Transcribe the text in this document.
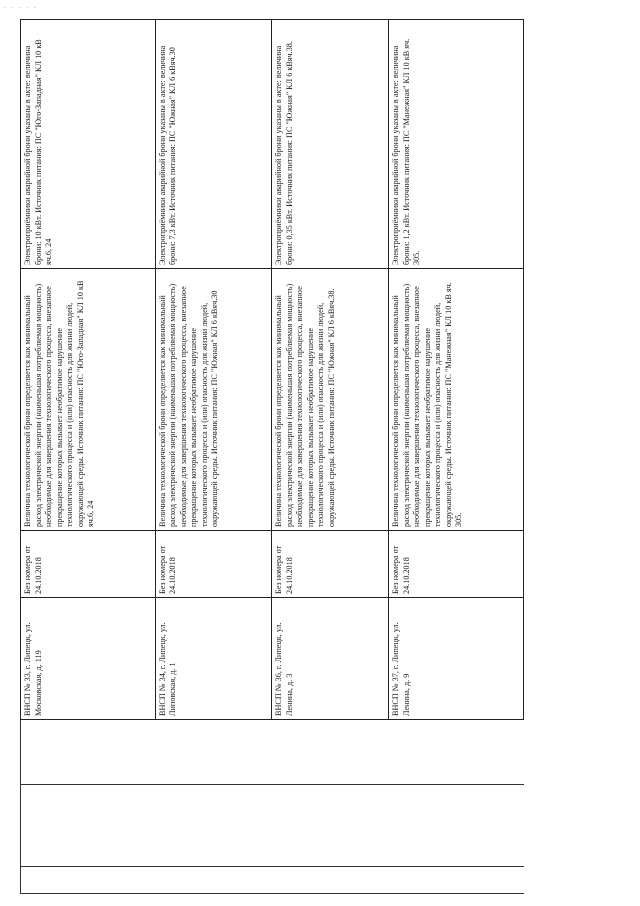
. . . . .
ВНСП № 33, г. Липецк, ул. Московская, д. 119	Без номера от 24.10.2018	Величина технологической брони определяется как минимальный расход электрической энергии (наименьшая потребляемая мощность) необходимые для завершения технологического процесса, внезапное прекращение которых вызывает необратимое нарушение технологического процесса и (или) опасность для жизни людей, окружающей среды. Источник питания: ПС "Юго-Западная" КЛ 10 кВ яч.6, 24	Электроприёмники аварийной брони указаны в акте: величина брони: 10 кВт. Источник питания: ПС "Юго-Западная" КЛ 10 кВ яч.6, 24
ВНСП № 34, г. Липецк, ул. Липовская, д. 1	Без номера от 24.10.2018	Величина технологической брони определяется как минимальный расход электрической энергии (наименьшая потребляемая мощность) необходимые для завершения технологического процесса, внезапное прекращение которых вызывает необратимое нарушение технологического процесса и (или) опасность для жизни людей, окружающей среды. Источник питания: ПС "Южная" КЛ 6 кВяч.30	Электроприёмники аварийной брони указаны в акте: величина брони: 7,3 кВт. Источник питания: ПС "Южная" КЛ 6 кВяч.30
ВНСП № 36, г. Липецк, ул. Ленина, д. 3	Без номера от 24.10.2018	Величина технологической брони определяется как минимальный расход электрической энергии (наименьшая потребляемая мощность) необходимые для завершения технологического процесса, внезапное прекращение которых вызывает необратимое нарушение технологического процесса и (или) опасность для жизни людей, окружающей среды. Источник питания: ПС "Южная" КЛ 6 кВяч.38.	Электроприёмники аварийной брони указаны в акте: величина брони: 0,35 кВт. Источник питания: ПС "Южная" КЛ 6 кВяч.38.
ВНСП № 37, г. Липецк, ул. Ленина, д. 9	Без номера от 24.10.2018	Величина технологической брони определяется как минимальный расход электрической энергии (наименьшая потребляемая мощность) необходимые для завершения технологического процесса, внезапное прекращение которых вызывает необратимое нарушение технологического процесса и (или) опасность для жизни людей, окружающей среды. Источник питания: ПС "Манежная" КЛ 10 кВ яч. 305.	Электроприёмники аварийной брони указаны в акте: величина брони: 1,2 кВт. Источник питания: ПС "Манежная" КЛ 10 кВ яч. 305.
